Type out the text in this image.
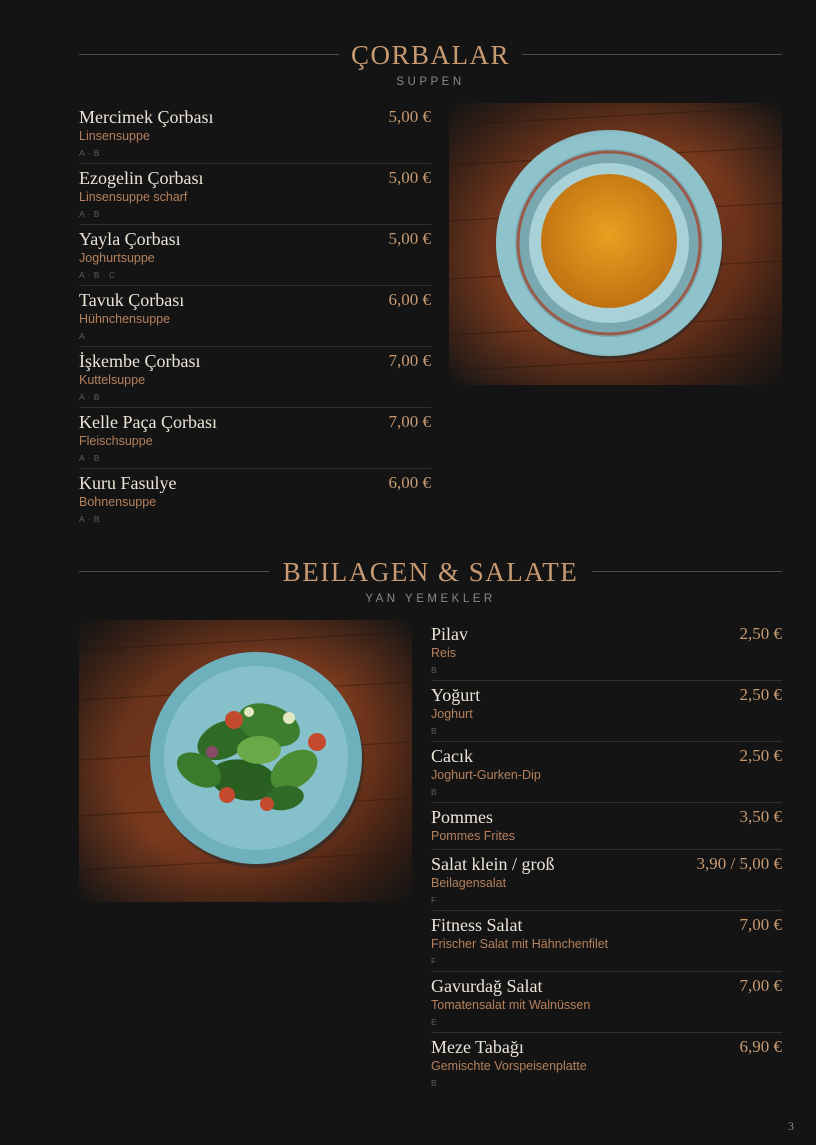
ÇORBALAR
SUPPEN
Mercimek Çorbası	5,00 €
Linsensuppe
A · B
Ezogelin Çorbası	5,00 €
Linsensuppe scharf
A · B
Yayla Çorbası	5,00 €
Joghurtsuppe
A · B · C
Tavuk Çorbası	6,00 €
Hühnchensuppe
A
İşkembe Çorbası	7,00 €
Kuttelsuppe
A · B
Kelle Paça Çorbası	7,00 €
Fleischsuppe
A · B
Kuru Fasulye	6,00 €
Bohnensuppe
A · B
BEILAGEN & SALATE
YAN YEMEKLER
Pilav	2,50 €
Reis
B
Yoğurt	2,50 €
Joghurt
B
Cacık	2,50 €
Joghurt-Gurken-Dip
B
Pommes	3,50 €
Pommes Frites
Salat klein / groß	3,90 / 5,00 €
Beilagensalat
F
Fitness Salat	7,00 €
Frischer Salat mit Hähnchenfilet
F
Gavurdağ Salat	7,00 €
Tomatensalat mit Walnüssen
E
Meze Tabağı	6,90 €
Gemischte Vorspeisenplatte
B
3
